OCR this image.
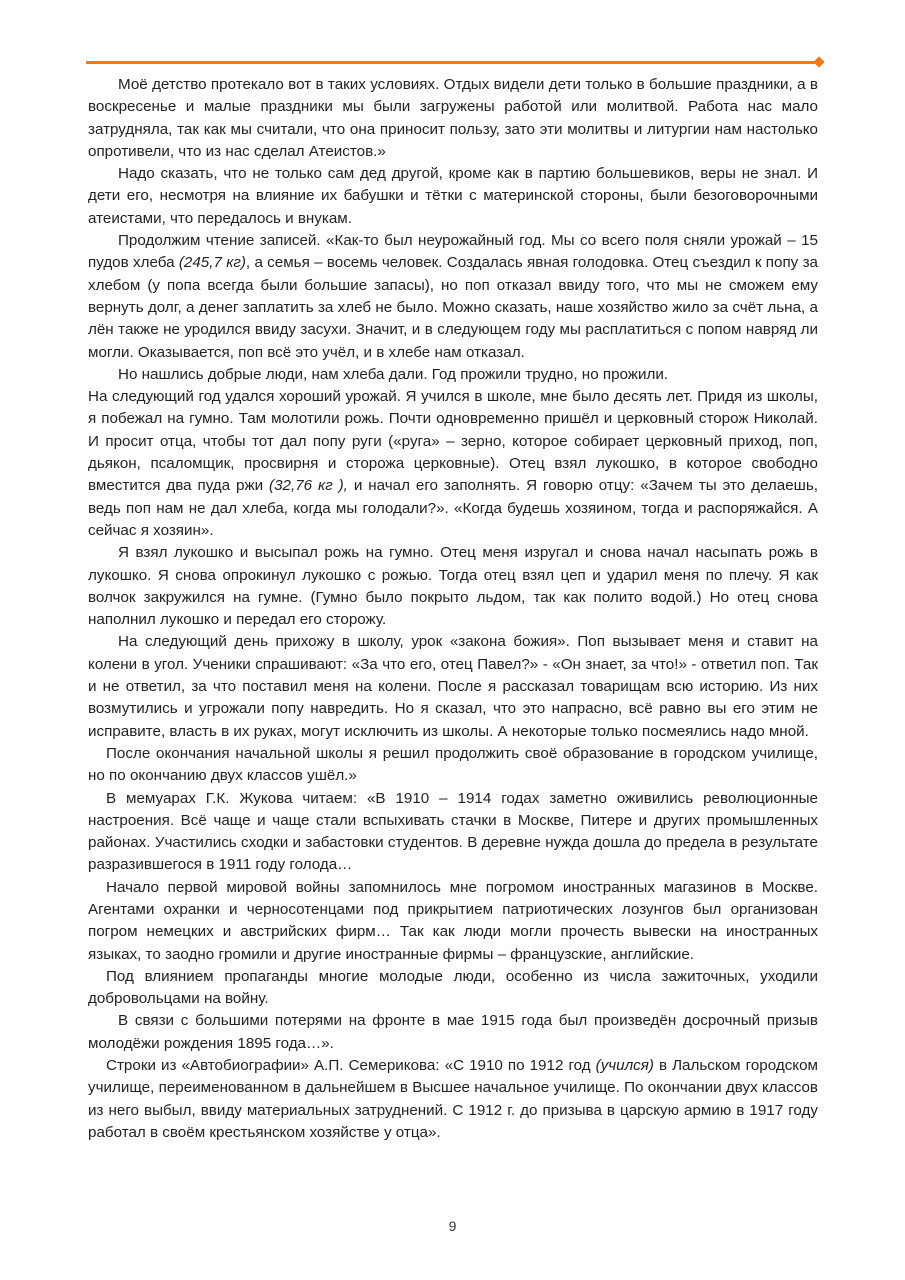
Моё детство протекало вот в таких условиях. Отдых видели дети только в большие праздники, а в воскресенье и малые праздники мы были загружены работой или молитвой. Работа нас мало затрудняла, так как мы считали, что она приносит пользу, зато эти молитвы и литургии нам настолько опротивели, что из нас сделал Атеистов.»

Надо сказать, что не только сам дед другой, кроме как в партию большевиков, веры не знал. И дети его, несмотря на влияние их бабушки и тётки с материнской стороны, были безоговорочными атеистами, что передалось и внукам.

Продолжим чтение записей. «Как-то был неурожайный год. Мы со всего поля сняли урожай – 15 пудов хлеба (245,7 кг), а семья – восемь человек. Создалась явная голодовка. Отец съездил к попу за хлебом (у попа всегда были большие запасы), но поп отказал ввиду того, что мы не сможем ему вернуть долг, а денег заплатить за хлеб не было. Можно сказать, наше хозяйство жило за счёт льна, а лён также не уродился ввиду засухи. Значит, и в следующем году мы расплатиться с попом навряд ли могли. Оказывается, поп всё это учёл, и в хлебе нам отказал.

Но нашлись добрые люди, нам хлеба дали. Год прожили трудно, но прожили.

На следующий год удался хороший урожай. Я учился в школе, мне было десять лет. Придя из школы, я побежал на гумно. Там молотили рожь. Почти одновременно пришёл и церковный сторож Николай. И просит отца, чтобы тот дал попу руги («руга» – зерно, которое собирает церковный приход, поп, дьякон, псаломщик, просвирня и сторожа церковные). Отец взял лукошко, в которое свободно вместится два пуда ржи (32,76 кг ), и начал его заполнять. Я говорю отцу: «Зачем ты это делаешь, ведь поп нам не дал хлеба, когда мы голодали?». «Когда будешь хозяином, тогда и распоряжайся. А сейчас я хозяин».

Я взял лукошко и высыпал рожь на гумно. Отец меня изругал и снова начал насыпать рожь в лукошко. Я снова опрокинул лукошко с рожью. Тогда отец взял цеп и ударил меня по плечу. Я как волчок закружился на гумне. (Гумно было покрыто льдом, так как полито водой.) Но отец снова наполнил лукошко и передал его сторожу.

На следующий день прихожу в школу, урок «закона божия». Поп вызывает меня и ставит на колени в угол. Ученики спрашивают: «За что его, отец Павел?» - «Он знает, за что!» - ответил поп. Так и не ответил, за что поставил меня на колени. После я рассказал товарищам всю историю. Из них возмутились и угрожали попу навредить. Но я сказал, что это напрасно, всё равно вы его этим не исправите, власть в их руках, могут исключить из школы. А некоторые только посмеялись надо мной.

После окончания начальной школы я решил продолжить своё образование в городском училище, но по окончанию двух классов ушёл.»

В мемуарах Г.К. Жукова читаем: «В 1910 – 1914 годах заметно оживились революционные настроения. Всё чаще и чаще стали вспыхивать стачки в Москве, Питере и других промышленных районах. Участились сходки и забастовки студентов. В деревне нужда дошла до предела в результате разразившегося в 1911 году голода…

Начало первой мировой войны запомнилось мне погромом иностранных магазинов в Москве. Агентами охранки и черносотенцами под прикрытием патриотических лозунгов был организован погром немецких и австрийских фирм… Так как люди могли прочесть вывески на иностранных языках, то заодно громили и другие иностранные фирмы – французские, английские.

Под влиянием пропаганды многие молодые люди, особенно из числа зажиточных, уходили добровольцами на войну.

В связи с большими потерями на фронте в мае 1915 года был произведён досрочный призыв молодёжи рождения 1895 года…».

Строки из «Автобиографии» А.П. Семерикова: «С 1910 по 1912 год (учился) в Лальском городском училище, переименованном в дальнейшем в Высшее начальное училище. По окончании двух классов из него выбыл, ввиду материальных затруднений. С 1912 г. до призыва в царскую армию в 1917 году работал в своём крестьянском хозяйстве у отца».

9
